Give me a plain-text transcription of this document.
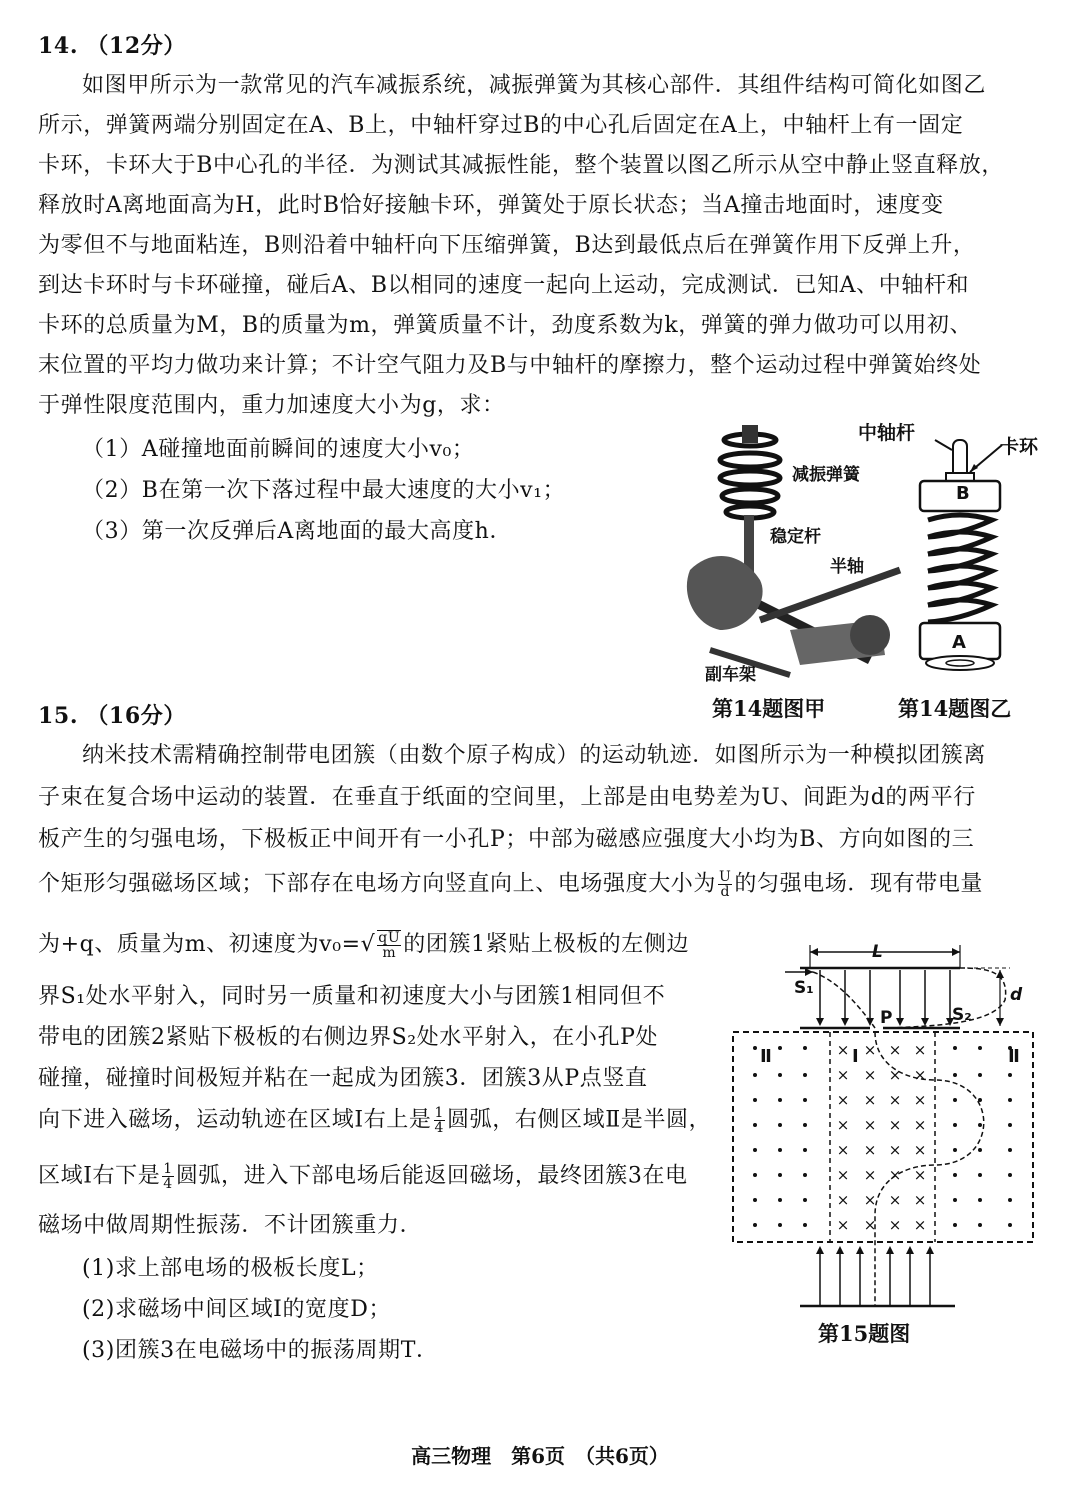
14. （12分）
如图甲所示为一款常见的汽车减振系统，减振弹簧为其核心部件．其组件结构可简化如图乙
所示，弹簧两端分别固定在A、B上，中轴杆穿过B的中心孔后固定在A上，中轴杆上有一固定
卡环，卡环大于B中心孔的半径．为测试其减振性能，整个装置以图乙所示从空中静止竖直释放，
释放时A离地面高为H，此时B恰好接触卡环，弹簧处于原长状态；当A撞击地面时，速度变
为零但不与地面粘连，B则沿着中轴杆向下压缩弹簧，B达到最低点后在弹簧作用下反弹上升，
到达卡环时与卡环碰撞，碰后A、B以相同的速度一起向上运动，完成测试．已知A、中轴杆和
卡环的总质量为M，B的质量为m，弹簧质量不计，劲度系数为k，弹簧的弹力做功可以用初、
末位置的平均力做功来计算；不计空气阻力及B与中轴杆的摩擦力，整个运动过程中弹簧始终处
于弹性限度范围内，重力加速度大小为g，求：
（1）A碰撞地面前瞬间的速度大小v₀；
（2）B在第一次下落过程中最大速度的大小v₁；
（3）第一次反弹后A离地面的最大高度h．
减振弹簧
稳定杆
半轴
副车架
B
A
中轴杆
卡环
第14题图甲	第14题图乙
15. （16分）
纳米技术需精确控制带电团簇（由数个原子构成）的运动轨迹．如图所示为一种模拟团簇离
子束在复合场中运动的装置．在垂直于纸面的空间里，上部是由电势差为U、间距为d的两平行
板产生的匀强电场，下极板正中间开有一小孔P；中部为磁感应强度大小均为B、方向如图的三
个矩形匀强磁场区域；下部存在电场方向竖直向上、电场强度大小为 $\frac{U}{d}$ 的匀强电场．现有带电量
为+q、质量为m、初速度为$v_0=√ \frac{qU}{m}$ 的团簇1紧贴上极板的左侧边
界S₁处水平射入，同时另一质量和初速度大小与团簇1相同但不
带电的团簇2紧贴下极板的右侧边界S₂处水平射入，在小孔P处
碰撞，碰撞时间极短并粘在一起成为团簇3．团簇3从P点竖直
向下进入磁场，运动轨迹在区域Ⅰ右上是 $\frac{1}{4}$ 圆弧，右侧区域Ⅱ是半圆，
区域Ⅰ右下是 $\frac{1}{4}$ 圆弧，进入下部电场后能返回磁场，最终团簇3在电
磁场中做周期性振荡．不计团簇重力．
(1)求上部电场的极板长度L；
(2)求磁场中间区域Ⅰ的宽度D；
(3)团簇3在电磁场中的振荡周期T．
× × × ×
× × × ×
× × × ×
× × × ×
× × × ×
× × × ×
× × × ×
× × × ×
L
d
S₁
S₂
P
Ⅱ	Ⅰ	Ⅱ
第15题图
高三物理　第6页　（共6页）
